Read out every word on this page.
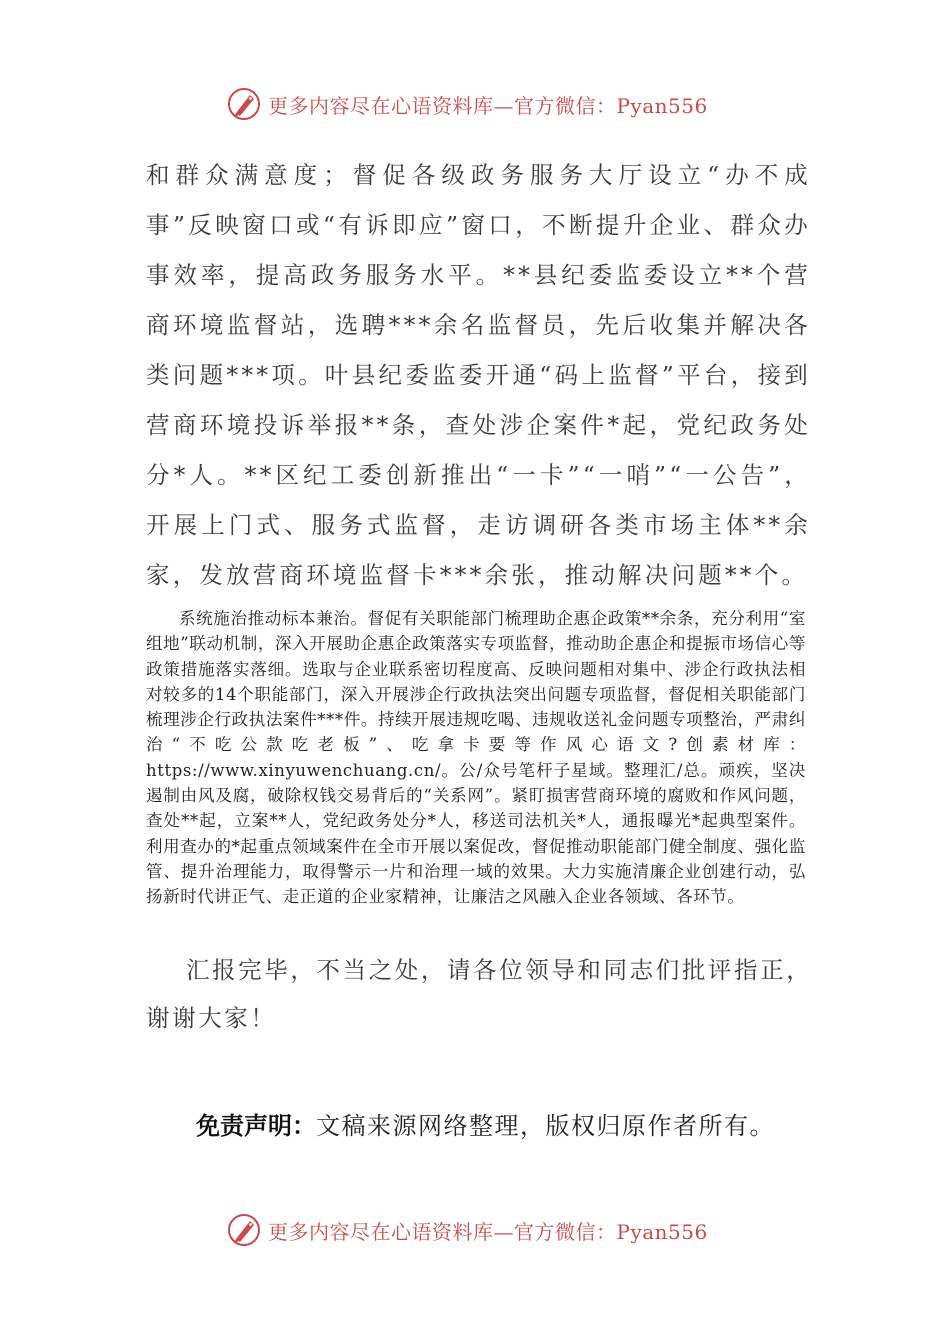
更多内容尽在心语资料库—官方微信：Pyan556

和群众满意度；督促各级政务服务大厅设立“办不成事”反映窗口或“有诉即应”窗口，不断提升企业、群众办事效率，提高政务服务水平。**县纪委监委设立**个营商环境监督站，选聘***余名监督员，先后收集并解决各类问题***项。叶县纪委监委开通“码上监督”平台，接到营商环境投诉举报**条，查处涉企案件*起，党纪政务处分*人。**区纪工委创新推出“一卡”“一哨”“一公告”，开展上门式、服务式监督，走访调研各类市场主体**余家，发放营商环境监督卡***余张，推动解决问题**个。

系统施治推动标本兼治。督促有关职能部门梳理助企惠企政策**余条，充分利用“室组地”联动机制，深入开展助企惠企政策落实专项监督，推动助企惠企和提振市场信心等政策措施落实落细。选取与企业联系密切程度高、反映问题相对集中、涉企行政执法相对较多的14个职能部门，深入开展涉企行政执法突出问题专项监督，督促相关职能部门梳理涉企行政执法案件***件。持续开展违规吃喝、违规收送礼金问题专项整治，严肃纠治“不吃公款吃老板”、吃拿卡要等作风心语文?创素材库：https://www.xinyuwenchuang.cn/。公/众号笔杆子星域。整理汇/总。顽疾，坚决遏制由风及腐，破除权钱交易背后的“关系网”。紧盯损害营商环境的腐败和作风问题，查处**起，立案**人，党纪政务处分*人，移送司法机关*人，通报曝光*起典型案件。利用查办的*起重点领域案件在全市开展以案促改，督促推动职能部门健全制度、强化监管、提升治理能力，取得警示一片和治理一域的效果。大力实施清廉企业创建行动，弘扬新时代讲正气、走正道的企业家精神，让廉洁之风融入企业各领域、各环节。

汇报完毕，不当之处，请各位领导和同志们批评指正，谢谢大家！

免责声明：文稿来源网络整理，版权归原作者所有。
更多内容尽在心语资料库—官方微信：Pyan556
